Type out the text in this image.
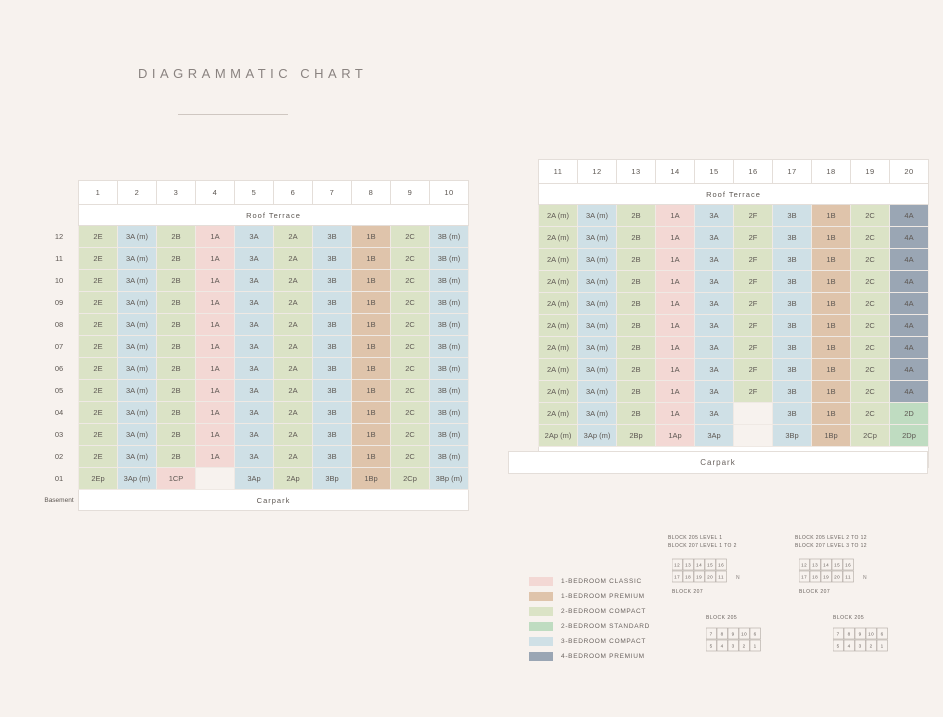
DIAGRAMMATIC CHART
	1	2	3	4	5	6	7	8	9	10
	Roof Terrace									
12	2E	3A (m)	2B	1A	3A	2A	3B	1B	2C	3B (m)
11	2E	3A (m)	2B	1A	3A	2A	3B	1B	2C	3B (m)
10	2E	3A (m)	2B	1A	3A	2A	3B	1B	2C	3B (m)
09	2E	3A (m)	2B	1A	3A	2A	3B	1B	2C	3B (m)
08	2E	3A (m)	2B	1A	3A	2A	3B	1B	2C	3B (m)
07	2E	3A (m)	2B	1A	3A	2A	3B	1B	2C	3B (m)
06	2E	3A (m)	2B	1A	3A	2A	3B	1B	2C	3B (m)
05	2E	3A (m)	2B	1A	3A	2A	3B	1B	2C	3B (m)
04	2E	3A (m)	2B	1A	3A	2A	3B	1B	2C	3B (m)
03	2E	3A (m)	2B	1A	3A	2A	3B	1B	2C	3B (m)
02	2E	3A (m)	2B	1A	3A	2A	3B	1B	2C	3B (m)
01	2Ep	3Ap (m)	1CP		3Ap	2Ap	3Bp	1Bp	2Cp	3Bp (m)
Basement	Carpark									
	11	12	13	14	15	16	17	18	19	20
	Roof Terrace									
	2A (m)	3A (m)	2B	1A	3A	2F	3B	1B	2C	4A
	2A (m)	3A (m)	2B	1A	3A	2F	3B	1B	2C	4A
	2A (m)	3A (m)	2B	1A	3A	2F	3B	1B	2C	4A
	2A (m)	3A (m)	2B	1A	3A	2F	3B	1B	2C	4A
	2A (m)	3A (m)	2B	1A	3A	2F	3B	1B	2C	4A
	2A (m)	3A (m)	2B	1A	3A	2F	3B	1B	2C	4A
	2A (m)	3A (m)	2B	1A	3A	2F	3B	1B	2C	4A
	2A (m)	3A (m)	2B	1A	3A	2F	3B	1B	2C	4A
	2A (m)	3A (m)	2B	1A	3A	2F	3B	1B	2C	4A
	2A (m)	3A (m)	2B	1A	3A		3B	1B	2C	2D
	2Ap (m)	3Ap (m)	2Bp	1Ap	3Ap		3Bp	1Bp	2Cp	2Dp

Carpark
1-BEDROOM CLASSIC
1-BEDROOM PREMIUM
2-BEDROOM COMPACT
2-BEDROOM STANDARD
3-BEDROOM COMPACT
4-BEDROOM PREMIUM
BLOCK 205 LEVEL 1
BLOCK 207 LEVEL 1 TO 2
12 13 14 15 16
17 18 19 20 11 N
BLOCK 207
BLOCK 205
7 8 9 10 6
5 4 3 2 1
BLOCK 205 LEVEL 2 TO 12
BLOCK 207 LEVEL 3 TO 12
12 13 14 15 16
17 18 19 20 11 N
BLOCK 207
BLOCK 205
7 8 9 10 6
5 4 3 2 1
